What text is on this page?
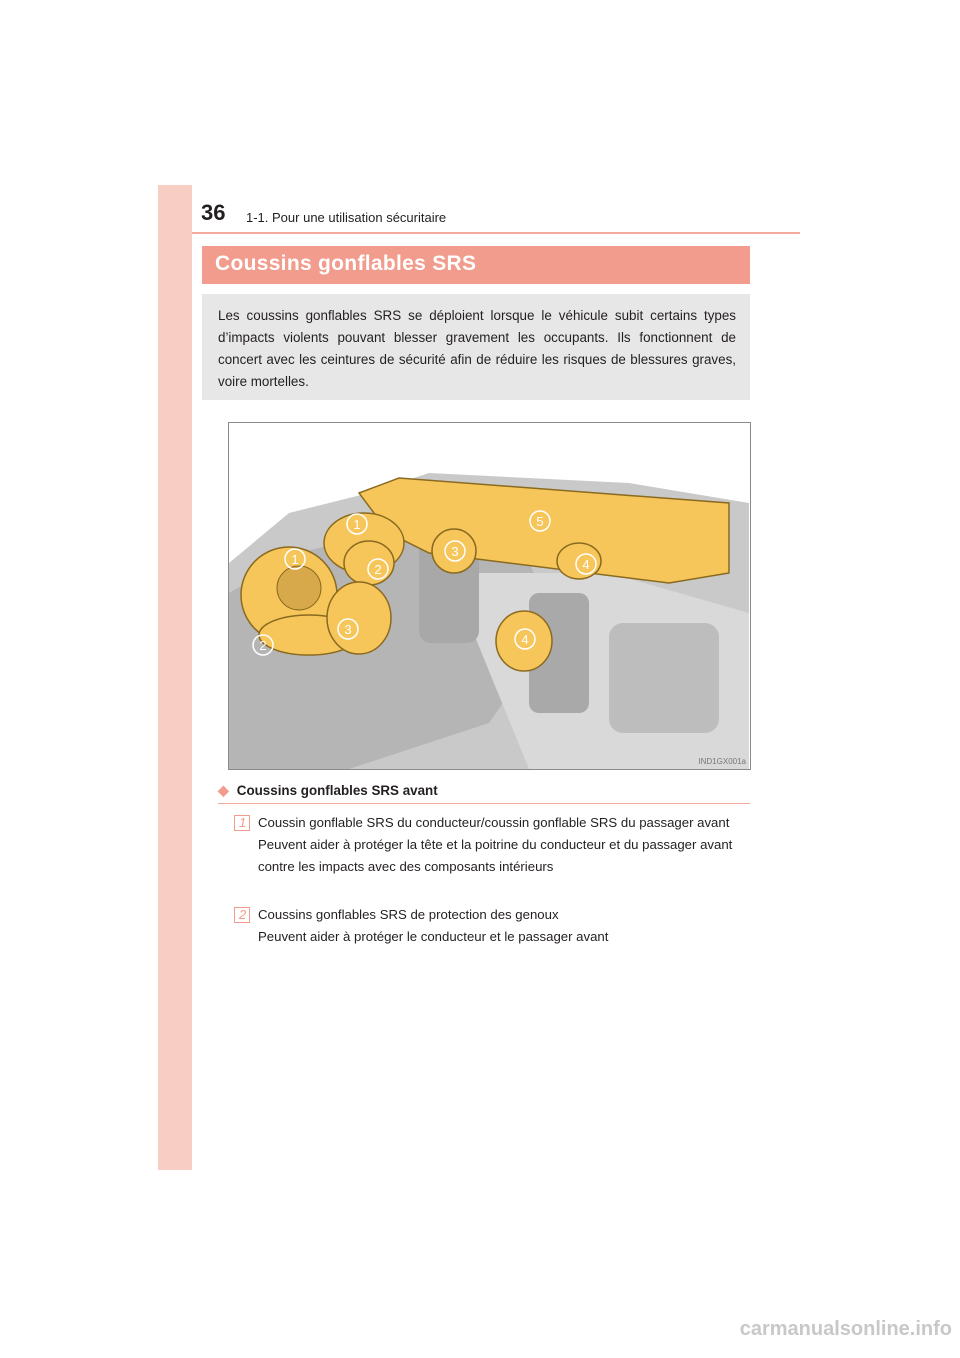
36 1-1. Pour une utilisation sécuritaire
Coussins gonflables SRS

Les coussins gonflables SRS se déploient lorsque le véhicule subit certains types d’impacts violents pouvant blesser gravement les occupants. Ils fonctionnent de concert avec les ceintures de sécurité afin de réduire les risques de blessures graves, voire mortelles.

1
1
2
2
3
3
4
4
5
IND1GX001a
◆ Coussins gonflables SRS avant
1 Coussin gonflable SRS du conducteur/coussin gonflable SRS du passager avant
Peuvent aider à protéger la tête et la poitrine du conducteur et du passager avant contre les impacts avec des composants intérieurs
2 Coussins gonflables SRS de protection des genoux
Peuvent aider à protéger le conducteur et le passager avant
carmanualsonline.info
